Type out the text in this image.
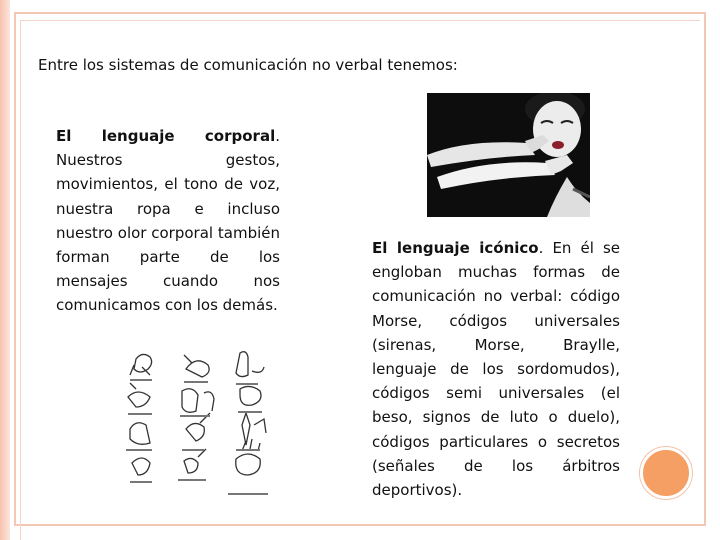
Entre los sistemas de comunicación no verbal tenemos:
El lenguaje corporal. Nuestros gestos, movimientos, el tono de voz, nuestra ropa e incluso nuestro olor corporal también forman parte de los mensajes cuando nos comunicamos con los demás.
El lenguaje icónico. En él se engloban muchas formas de comunicación no verbal: código Morse, códigos universales (sirenas, Morse, Braylle, lenguaje de los sordomudos), códigos semi universales (el beso, signos de luto o duelo), códigos particulares o secretos (señales de los árbitros deportivos).
